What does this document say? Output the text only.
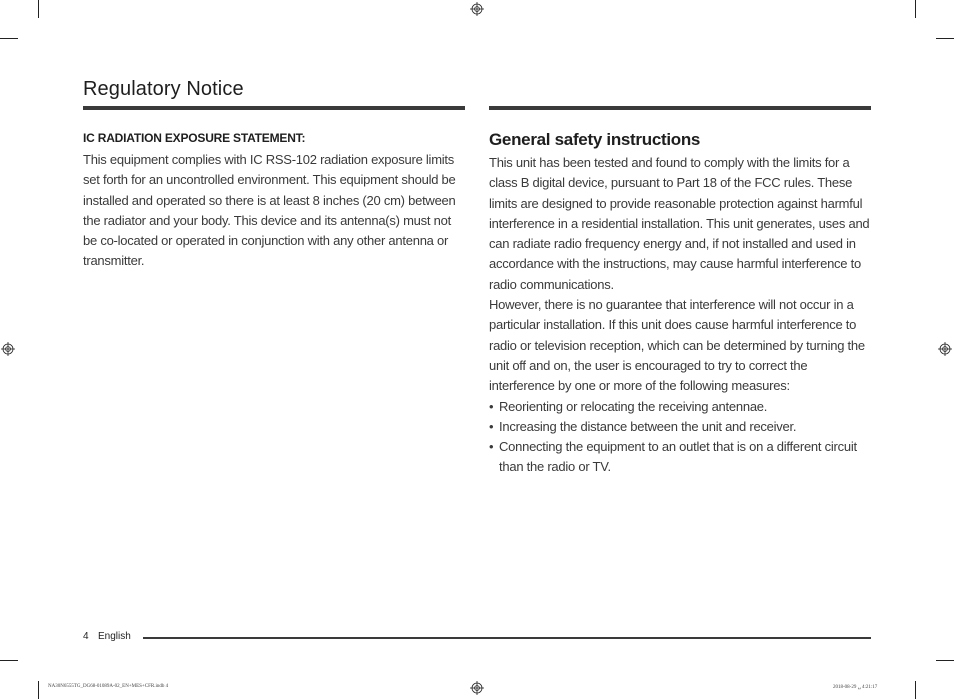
Regulatory Notice
IC RADIATION EXPOSURE STATEMENT:

This equipment complies with IC RSS-102 radiation exposure limits set forth for an uncontrolled environment. This equipment should be installed and operated so there is at least 8 inches (20 cm) between the radiator and your body. This device and its antenna(s) must not be co-located or operated in conjunction with any other antenna or transmitter.

General safety instructions

This unit has been tested and found to comply with the limits for a class B digital device, pursuant to Part 18 of the FCC rules. These limits are designed to provide reasonable protection against harmful interference in a residential installation. This unit generates, uses and can radiate radio frequency energy and, if not installed and used in accordance with the instructions, may cause harmful interference to radio communications.

However, there is no guarantee that interference will not occur in a particular installation. If this unit does cause harmful interference to radio or television reception, which can be determined by turning the unit off and on, the user is encouraged to try to correct the interference by one or more of the following measures:

• Reorienting or relocating the receiving antennae.
• Increasing the distance between the unit and receiver.
• Connecting the equipment to an outlet that is on a different circuit than the radio or TV.
4 English
NA30N6555TG_DG68-01089A-02_EN+MES+CFR.indb 4	2018-08-29 ␣ 4:21:17
